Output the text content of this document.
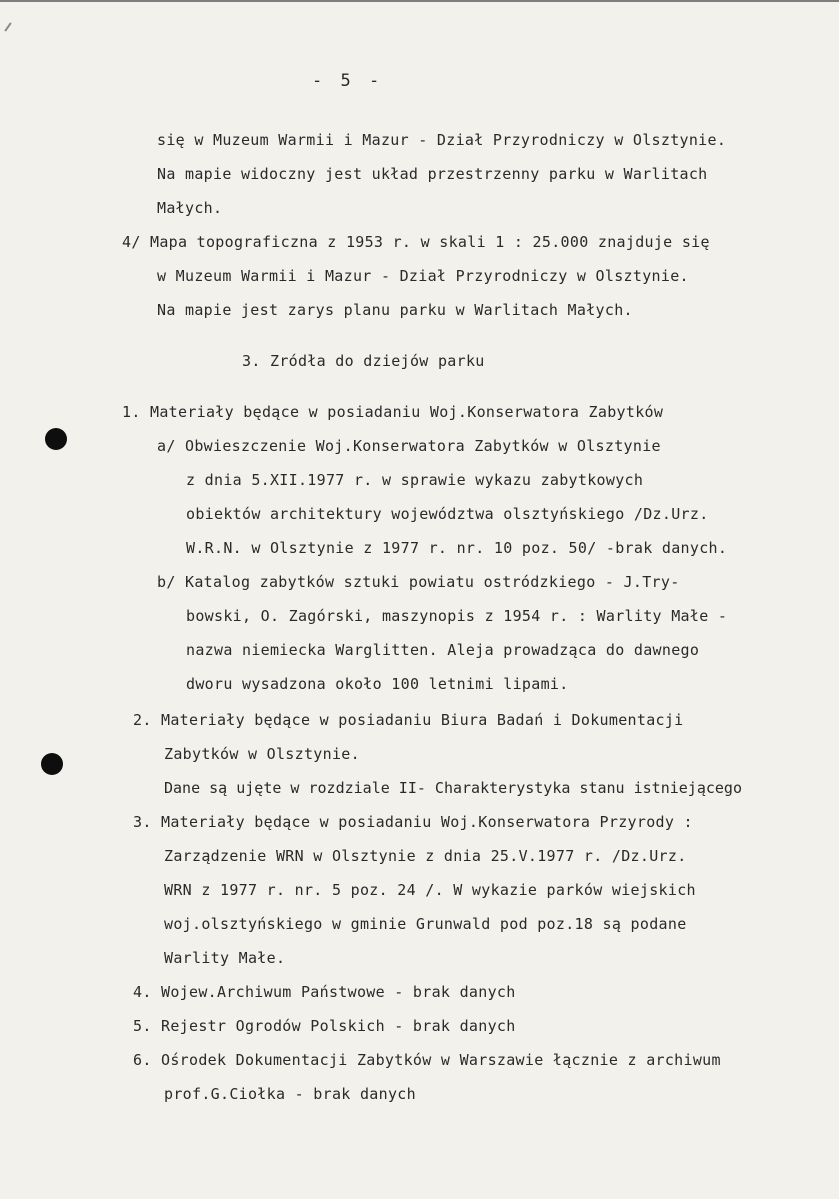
- 5 -
się w Muzeum Warmii i Mazur - Dział Przyrodniczy w Olsztynie.
Na mapie widoczny jest układ przestrzenny parku w Warlitach
Małych.
4/ Mapa topograficzna z 1953 r. w skali 1 : 25.000 znajduje się
w Muzeum Warmii i Mazur - Dział Przyrodniczy w Olsztynie.
Na mapie jest zarys planu parku w Warlitach Małych.
3. Zródła do dziejów parku
1. Materiały będące w posiadaniu Woj.Konserwatora Zabytków
a/ Obwieszczenie Woj.Konserwatora Zabytków w Olsztynie
z dnia 5.XII.1977 r. w sprawie wykazu zabytkowych
obiektów architektury województwa olsztyńskiego /Dz.Urz.
W.R.N. w Olsztynie z 1977 r. nr. 10 poz. 50/ -brak danych.
b/ Katalog zabytków sztuki powiatu ostródzkiego - J.Try-
bowski, O. Zagórski, maszynopis z 1954 r. : Warlity Małe -
nazwa niemiecka Warglitten. Aleja prowadząca do dawnego
dworu wysadzona około 100 letnimi lipami.
2. Materiały będące w posiadaniu Biura Badań i Dokumentacji
Zabytków w Olsztynie.
Dane są ujęte w rozdziale II- Charakterystyka stanu istniejącego
3. Materiały będące w posiadaniu Woj.Konserwatora Przyrody :
Zarządzenie WRN w Olsztynie z dnia 25.V.1977 r. /Dz.Urz.
WRN z 1977 r. nr. 5 poz. 24 /. W wykazie parków wiejskich
woj.olsztyńskiego w gminie Grunwald pod poz.18 są podane
Warlity Małe.
4. Wojew.Archiwum Państwowe - brak danych
5. Rejestr Ogrodów Polskich - brak danych
6. Ośrodek Dokumentacji Zabytków w Warszawie łącznie z archiwum
prof.G.Ciołka - brak danych
